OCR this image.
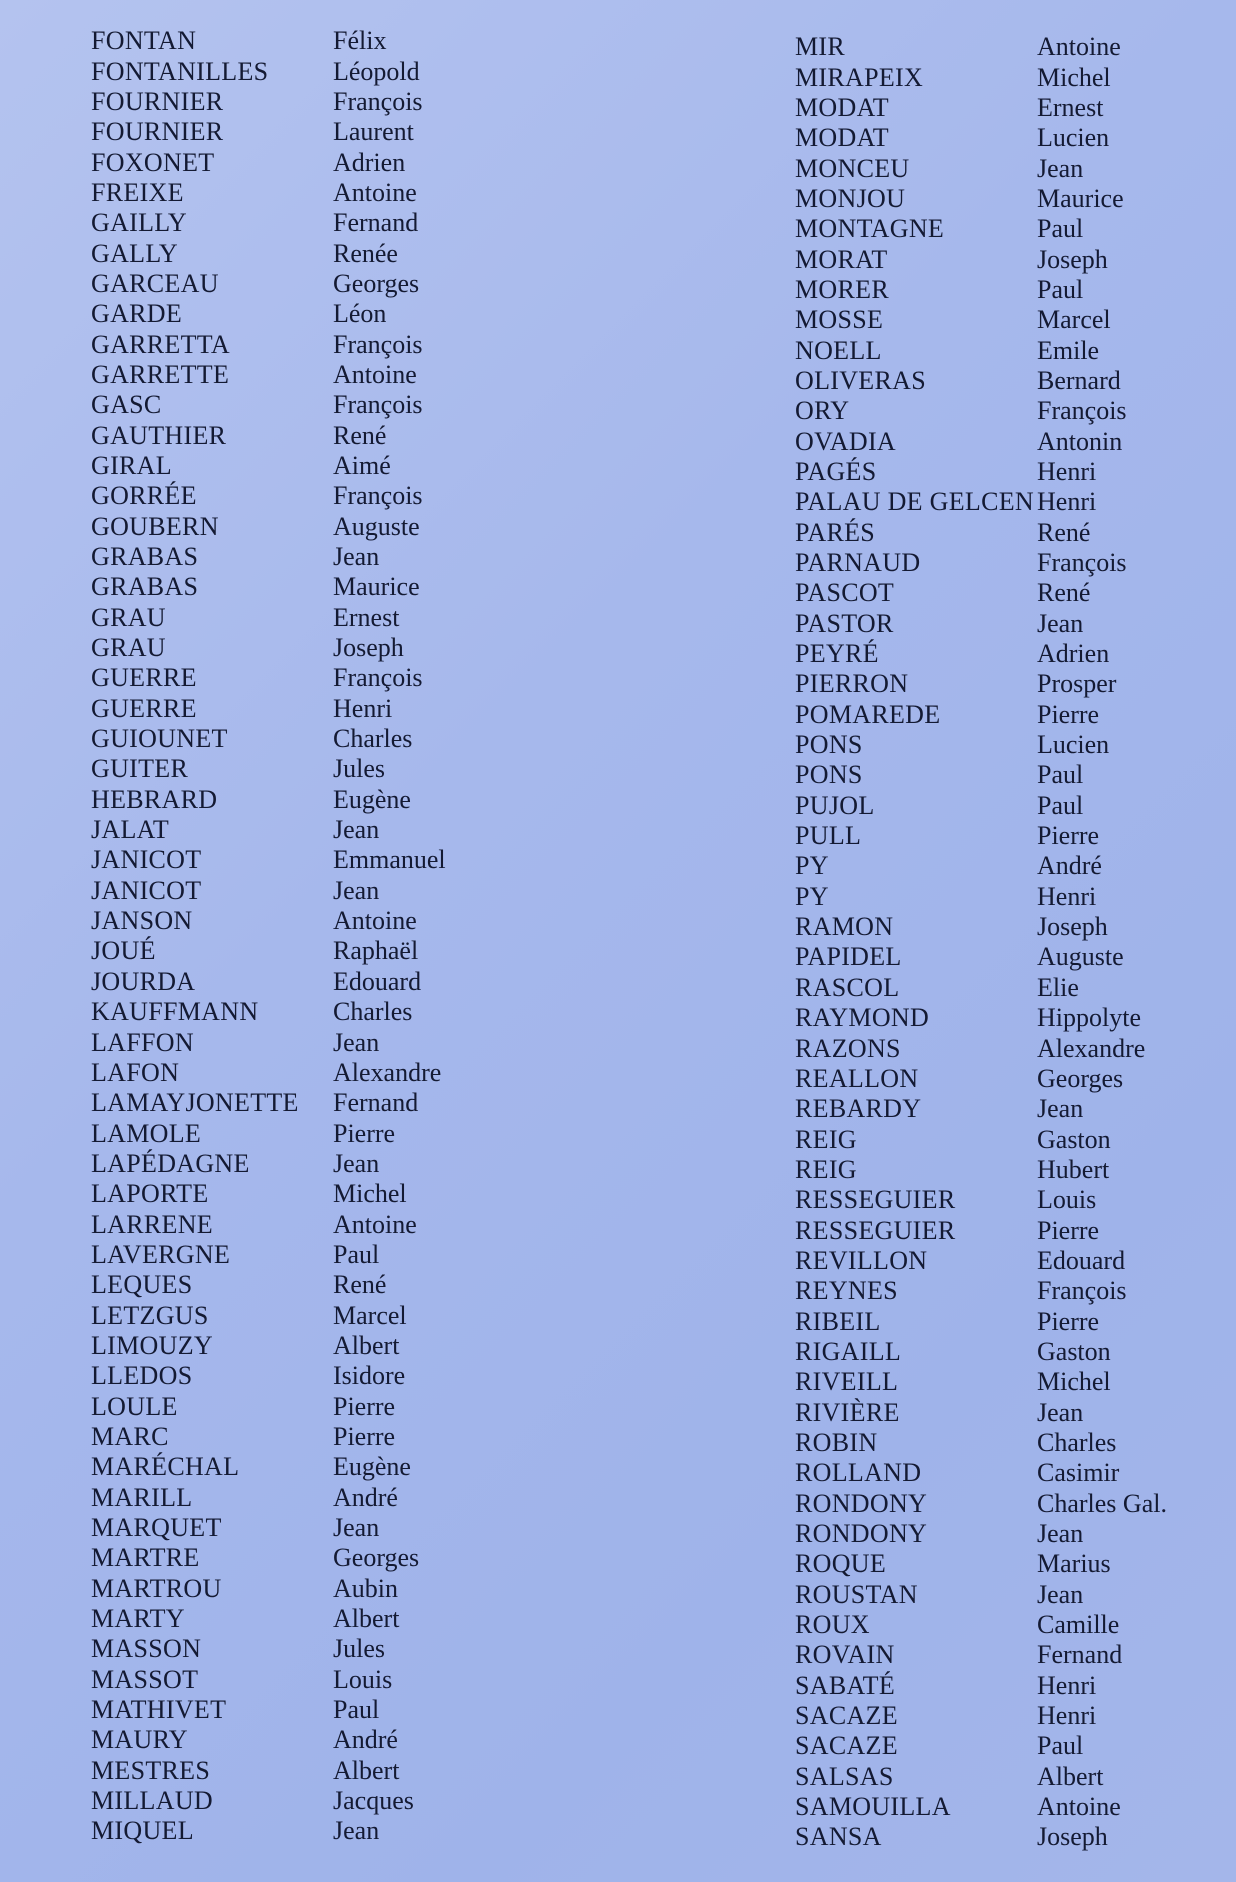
FONTAN	Félix
FONTANILLES	Léopold
FOURNIER	François
FOURNIER	Laurent
FOXONET	Adrien
FREIXE	Antoine
GAILLY	Fernand
GALLY	Renée
GARCEAU	Georges
GARDE	Léon
GARRETTA	François
GARRETTE	Antoine
GASC	François
GAUTHIER	René
GIRAL	Aimé
GORRÉE	François
GOUBERN	Auguste
GRABAS	Jean
GRABAS	Maurice
GRAU	Ernest
GRAU	Joseph
GUERRE	François
GUERRE	Henri
GUIOUNET	Charles
GUITER	Jules
HEBRARD	Eugène
JALAT	Jean
JANICOT	Emmanuel
JANICOT	Jean
JANSON	Antoine
JOUÉ	Raphaël
JOURDA	Edouard
KAUFFMANN	Charles
LAFFON	Jean
LAFON	Alexandre
LAMAYJONETTE	Fernand
LAMOLE	Pierre
LAPÉDAGNE	Jean
LAPORTE	Michel
LARRENE	Antoine
LAVERGNE	Paul
LEQUES	René
LETZGUS	Marcel
LIMOUZY	Albert
LLEDOS	Isidore
LOULE	Pierre
MARC	Pierre
MARÉCHAL	Eugène
MARILL	André
MARQUET	Jean
MARTRE	Georges
MARTROU	Aubin
MARTY	Albert
MASSON	Jules
MASSOT	Louis
MATHIVET	Paul
MAURY	André
MESTRES	Albert
MILLAUD	Jacques
MIQUEL	Jean
MIR	Antoine
MIRAPEIX	Michel
MODAT	Ernest
MODAT	Lucien
MONCEU	Jean
MONJOU	Maurice
MONTAGNE	Paul
MORAT	Joseph
MORER	Paul
MOSSE	Marcel
NOELL	Emile
OLIVERAS	Bernard
ORY	François
OVADIA	Antonin
PAGÉS	Henri
PALAU DE GELCEN Henri
PARÉS	René
PARNAUD	François
PASCOT	René
PASTOR	Jean
PEYRÉ	Adrien
PIERRON	Prosper
POMAREDE	Pierre
PONS	Lucien
PONS	Paul
PUJOL	Paul
PULL	Pierre
PY	André
PY	Henri
RAMON	Joseph
PAPIDEL	Auguste
RASCOL	Elie
RAYMOND	Hippolyte
RAZONS	Alexandre
REALLON	Georges
REBARDY	Jean
REIG	Gaston
REIG	Hubert
RESSEGUIER	Louis
RESSEGUIER	Pierre
REVILLON	Edouard
REYNES	François
RIBEIL	Pierre
RIGAILL	Gaston
RIVEILL	Michel
RIVIÈRE	Jean
ROBIN	Charles
ROLLAND	Casimir
RONDONY	Charles Gal.
RONDONY	Jean
ROQUE	Marius
ROUSTAN	Jean
ROUX	Camille
ROVAIN	Fernand
SABATÉ	Henri
SACAZE	Henri
SACAZE	Paul
SALSAS	Albert
SAMOUILLA	Antoine
SANSA	Joseph
